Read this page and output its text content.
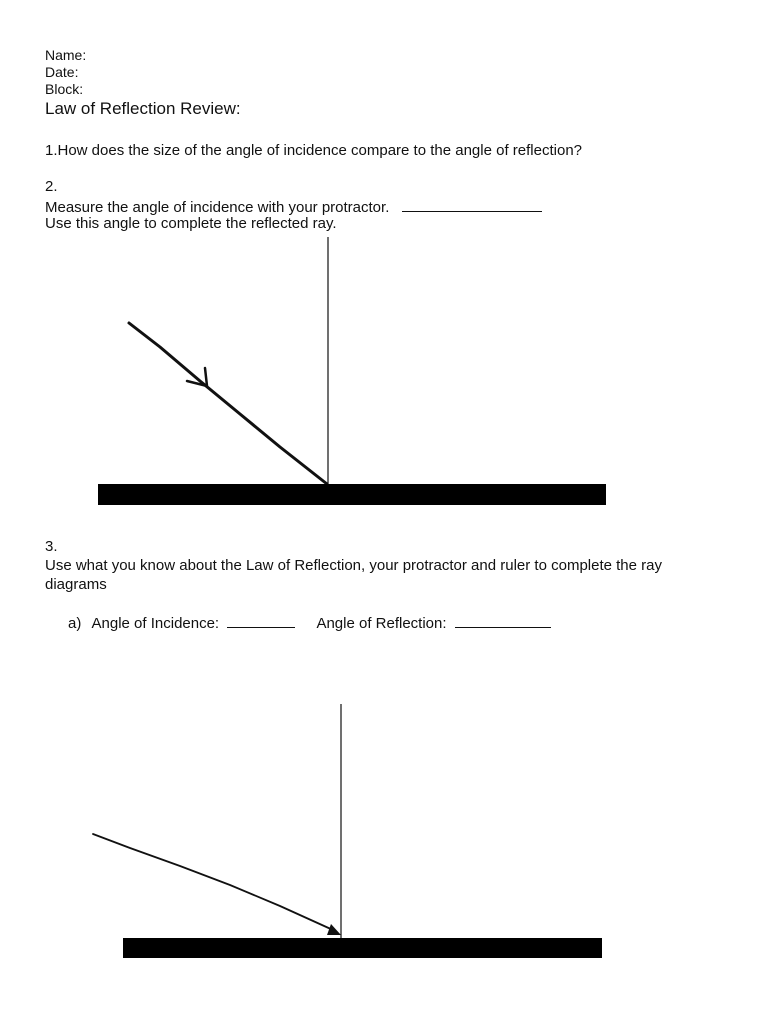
Name:
Date:
Block:
Law of Reflection Review:
1.How does the size of the angle of incidence compare to the angle of reflection?
2.
Measure the angle of incidence with your protractor.
Use this angle to complete the reflected ray.
3.
Use what you know about the Law of Reflection, your protractor and ruler to complete the ray
diagrams
a) Angle of Incidence:	Angle of Reflection:
